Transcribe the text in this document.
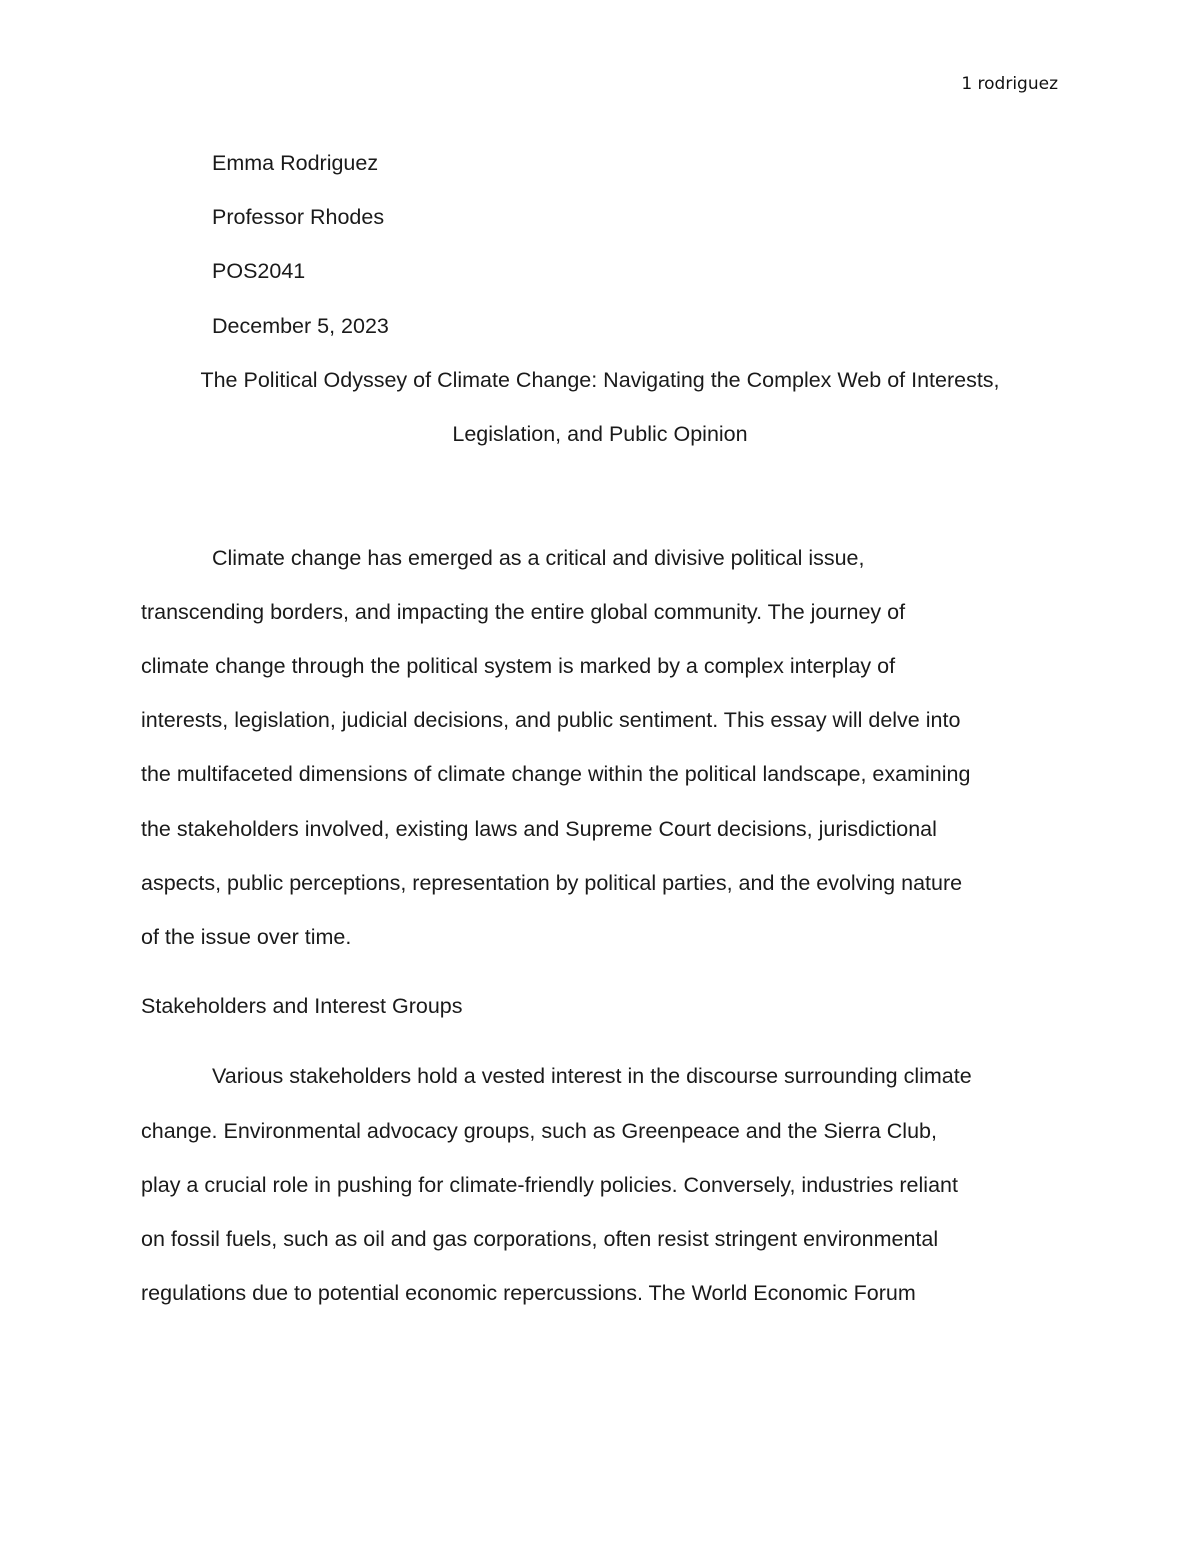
1 rodriguez
Emma Rodriguez
Professor Rhodes
POS2041
December 5, 2023
The Political Odyssey of Climate Change: Navigating the Complex Web of Interests,
Legislation, and Public Opinion
Climate change has emerged as a critical and divisive political issue,
transcending borders, and impacting the entire global community. The journey of
climate change through the political system is marked by a complex interplay of
interests, legislation, judicial decisions, and public sentiment. This essay will delve into
the multifaceted dimensions of climate change within the political landscape, examining
the stakeholders involved, existing laws and Supreme Court decisions, jurisdictional
aspects, public perceptions, representation by political parties, and the evolving nature
of the issue over time.
Stakeholders and Interest Groups
Various stakeholders hold a vested interest in the discourse surrounding climate
change. Environmental advocacy groups, such as Greenpeace and the Sierra Club,
play a crucial role in pushing for climate-friendly policies. Conversely, industries reliant
on fossil fuels, such as oil and gas corporations, often resist stringent environmental
regulations due to potential economic repercussions. The World Economic Forum
